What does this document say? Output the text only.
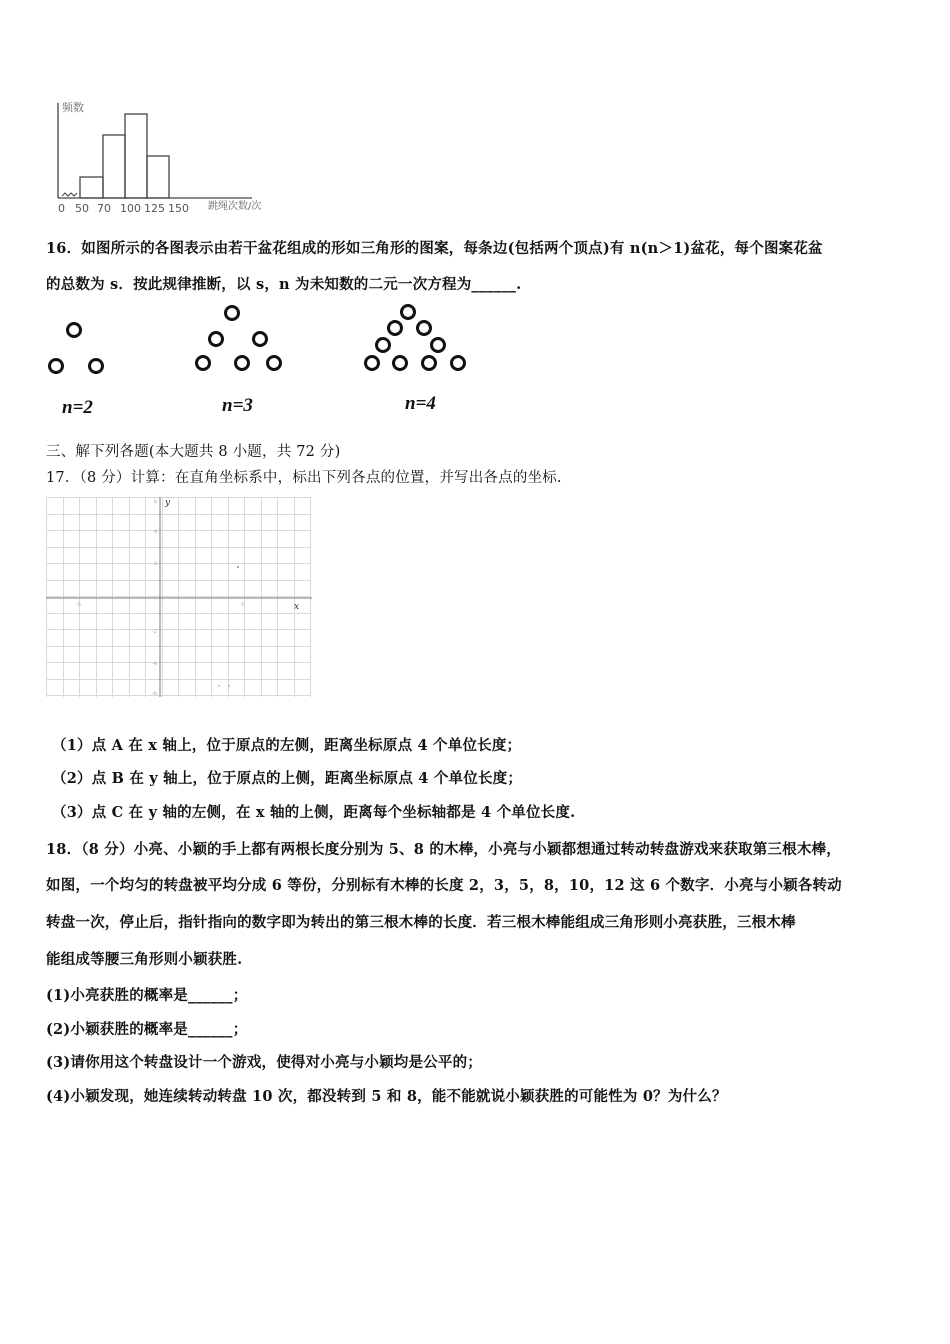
频数
跳绳次数/次
0 50 70 100 125 150
16．如图所示的各图表示由若干盆花组成的形如三角形的图案，每条边(包括两个顶点)有 n(n＞1)盆花，每个图案花盆
的总数为 s．按此规律推断，以 s，n 为未知数的二元一次方程为______.
n=2	n=3	n=4
三、解下列各题(本大题共 8 小题，共 72 分)
17．（8 分）计算：在直角坐标系中，标出下列各点的位置，并写出各点的坐标.
x
y
-5	5
2
4
-2
-4
6
-6
（1）点 A 在 x 轴上，位于原点的左侧，距离坐标原点 4 个单位长度；
（2）点 B 在 y 轴上，位于原点的上侧，距离坐标原点 4 个单位长度；
（3）点 C 在 y 轴的左侧，在 x 轴的上侧，距离每个坐标轴都是 4 个单位长度.
18．（8 分）小亮、小颖的手上都有两根长度分别为 5、8 的木棒，小亮与小颖都想通过转动转盘游戏来获取第三根木棒，
如图，一个均匀的转盘被平均分成 6 等份，分别标有木棒的长度 2，3，5，8，10，12 这 6 个数字．小亮与小颖各转动
转盘一次，停止后，指针指向的数字即为转出的第三根木棒的长度．若三根木棒能组成三角形则小亮获胜，三根木棒
能组成等腰三角形则小颖获胜.
(1)小亮获胜的概率是______；
(2)小颖获胜的概率是______；
(3)请你用这个转盘设计一个游戏，使得对小亮与小颖均是公平的；
(4)小颖发现，她连续转动转盘 10 次，都没转到 5 和 8，能不能就说小颖获胜的可能性为 0？为什么？
